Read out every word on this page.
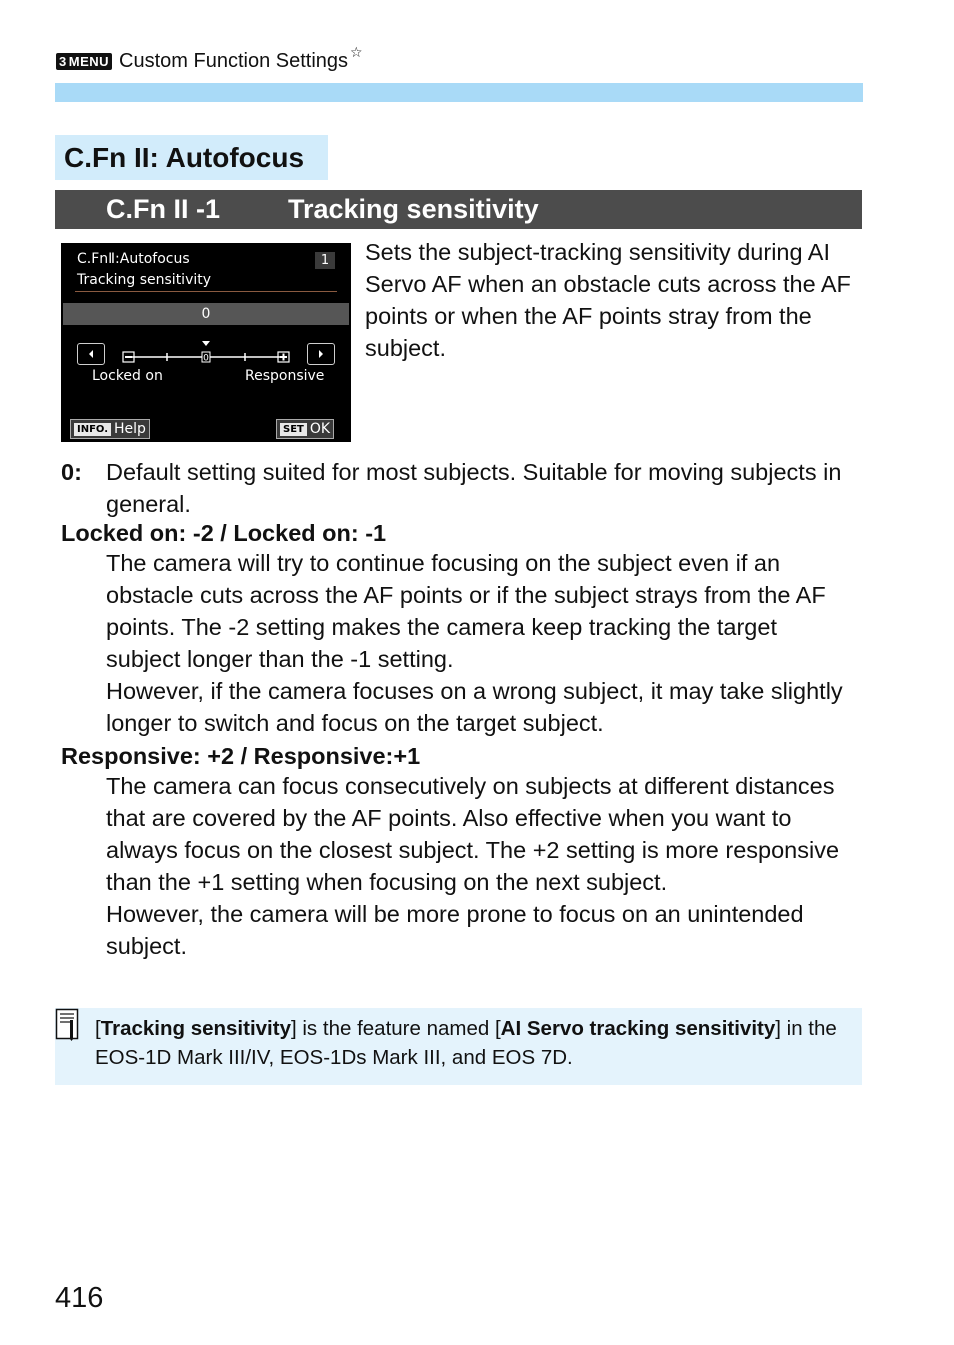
3 MENU Custom Function Settings ☆
C.Fn II: Autofocus
C.Fn II -1	Tracking sensitivity
C.FnⅡ:Autofocus
Tracking sensitivity
1
0
0
Locked on	Responsive
INFO. Help	SET OK
Sets the subject-tracking sensitivity during AI Servo AF when an obstacle cuts across the AF points or when the AF points stray from the subject.
0: Default setting suited for most subjects. Suitable for moving subjects in general.
Locked on: -2 / Locked on: -1

The camera will try to continue focusing on the subject even if an obstacle cuts across the AF points or if the subject strays from the AF points. The -2 setting makes the camera keep tracking the target subject longer than the -1 setting.

However, if the camera focuses on a wrong subject, it may take slightly longer to switch and focus on the target subject.

Responsive: +2 / Responsive:+1

The camera can focus consecutively on subjects at different distances that are covered by the AF points. Also effective when you want to always focus on the closest subject. The +2 setting is more responsive than the +1 setting when focusing on the next subject.

However, the camera will be more prone to focus on an unintended subject.

[Tracking sensitivity] is the feature named [AI Servo tracking sensitivity] in the EOS-1D Mark III/IV, EOS-1Ds Mark III, and EOS 7D.
416
